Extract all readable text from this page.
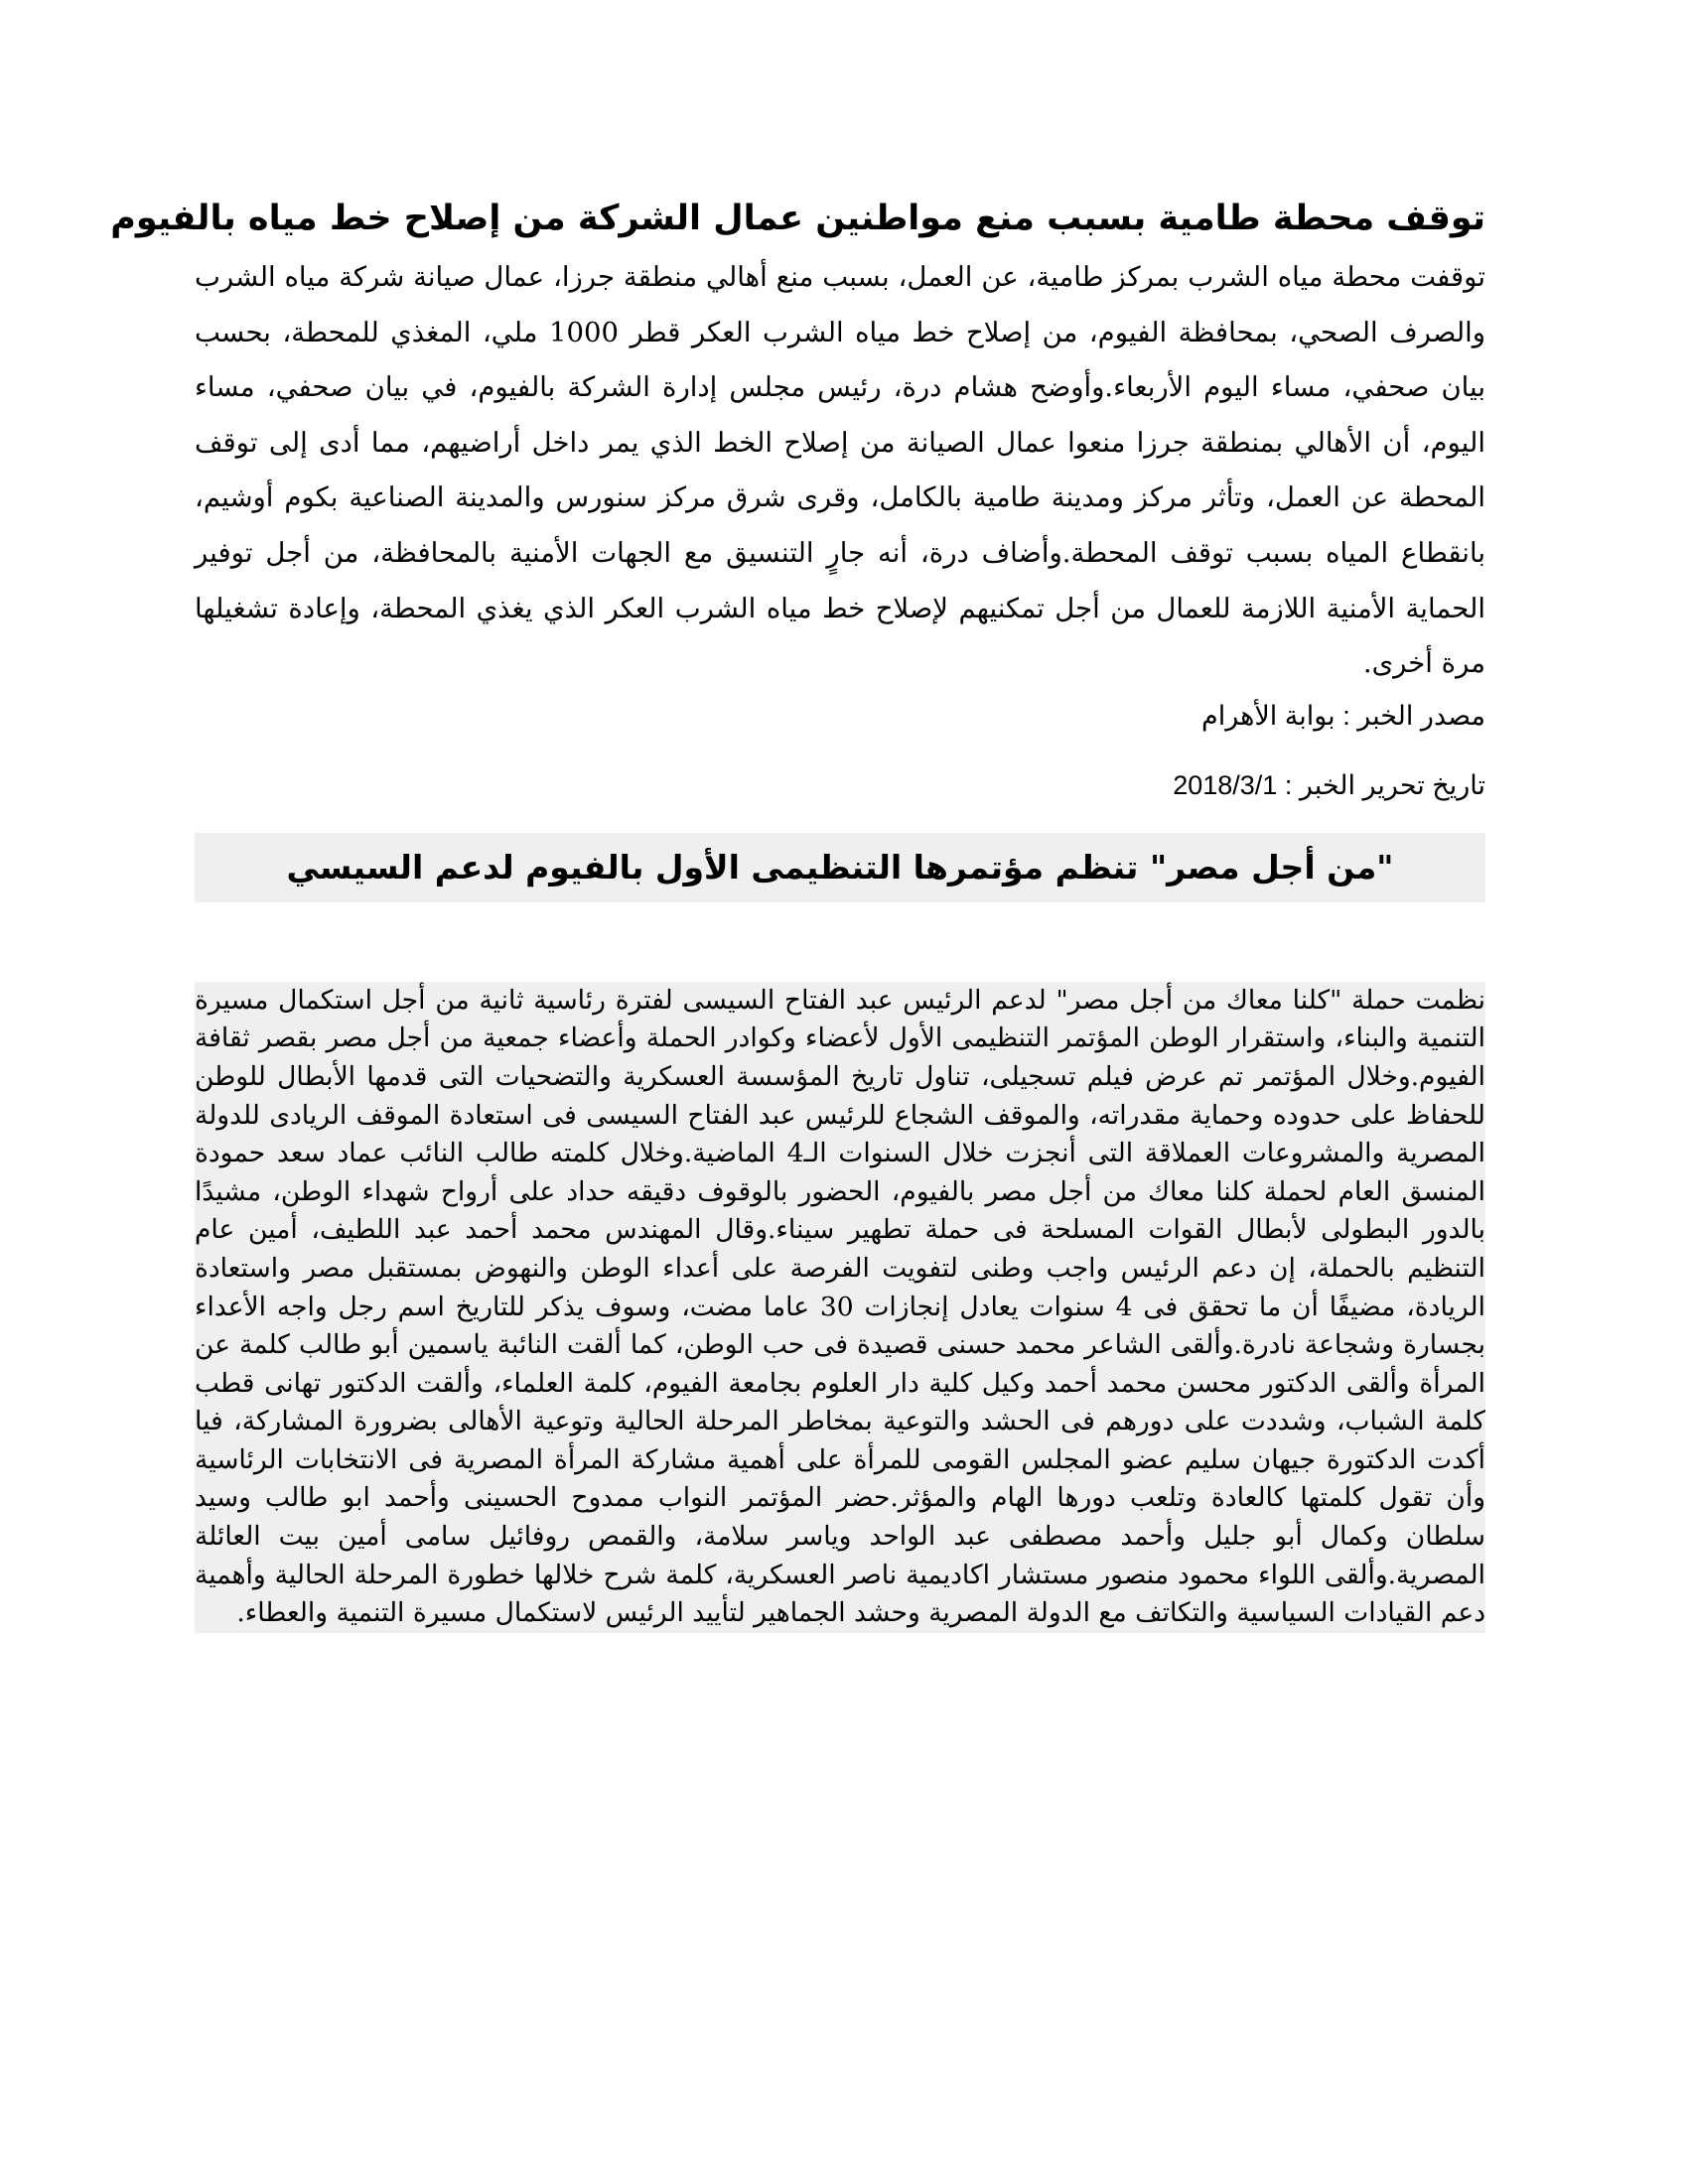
توقف محطة طامية بسبب منع مواطنين عمال الشركة من إصلاح خط مياه بالفيوم

توقفت محطة مياه الشرب بمركز طامية، عن العمل، بسبب منع أهالي منطقة جرزا، عمال صيانة شركة مياه الشرب والصرف الصحي، بمحافظة الفيوم، من إصلاح خط مياه الشرب العكر قطر 1000 ملي، المغذي للمحطة، بحسب بيان صحفي، مساء اليوم الأربعاء.وأوضح هشام درة، رئيس مجلس إدارة الشركة بالفيوم، في بيان صحفي، مساء اليوم، أن الأهالي بمنطقة جرزا منعوا عمال الصيانة من إصلاح الخط الذي يمر داخل أراضيهم، مما أدى إلى توقف المحطة عن العمل، وتأثر مركز ومدينة طامية بالكامل، وقرى شرق مركز سنورس والمدينة الصناعية بكوم أوشيم، بانقطاع المياه بسبب توقف المحطة.وأضاف درة، أنه جارٍ التنسيق مع الجهات الأمنية بالمحافظة، من أجل توفير الحماية الأمنية اللازمة للعمال من أجل تمكنيهم لإصلاح خط مياه الشرب العكر الذي يغذي المحطة، وإعادة تشغيلها مرة أخرى.

مصدر الخبر : بوابة الأهرام

تاريخ تحرير الخبر : 2018/3/1

"من أجل مصر" تنظم مؤتمرها التنظيمى الأول بالفيوم لدعم السيسي

نظمت حملة "كلنا معاك من أجل مصر" لدعم الرئيس عبد الفتاح السيسى لفترة رئاسية ثانية من أجل استكمال مسيرة التنمية والبناء، واستقرار الوطن المؤتمر التنظيمى الأول لأعضاء وكوادر الحملة وأعضاء جمعية من أجل مصر بقصر ثقافة الفيوم.وخلال المؤتمر تم عرض فيلم تسجيلى، تناول تاريخ المؤسسة العسكرية والتضحيات التى قدمها الأبطال للوطن للحفاظ على حدوده وحماية مقدراته، والموقف الشجاع للرئيس عبد الفتاح السيسى فى استعادة الموقف الريادى للدولة المصرية والمشروعات العملاقة التى أنجزت خلال السنوات الـ4 الماضية.وخلال كلمته طالب النائب عماد سعد حمودة المنسق العام لحملة كلنا معاك من أجل مصر بالفيوم، الحضور بالوقوف دقيقه حداد على أرواح شهداء الوطن، مشيدًا بالدور البطولى لأبطال القوات المسلحة فى حملة تطهير سيناء.وقال المهندس محمد أحمد عبد اللطيف، أمين عام التنظيم بالحملة، إن دعم الرئيس واجب وطنى لتفويت الفرصة على أعداء الوطن والنهوض بمستقبل مصر واستعادة الريادة، مضيفًا أن ما تحقق فى 4 سنوات يعادل إنجازات 30 عاما مضت، وسوف يذكر للتاريخ اسم رجل واجه الأعداء بجسارة وشجاعة نادرة.وألقى الشاعر محمد حسنى قصيدة فى حب الوطن، كما ألقت النائبة ياسمين أبو طالب كلمة عن المرأة وألقى الدكتور محسن محمد أحمد وكيل كلية دار العلوم بجامعة الفيوم، كلمة العلماء، وألقت الدكتور تهانى قطب كلمة الشباب، وشددت على دورهم فى الحشد والتوعية بمخاطر المرحلة الحالية وتوعية الأهالى بضرورة المشاركة، فيا أكدت الدكتورة جيهان سليم عضو المجلس القومى للمرأة على أهمية مشاركة المرأة المصرية فى الانتخابات الرئاسية وأن تقول كلمتها كالعادة وتلعب دورها الهام والمؤثر.حضر المؤتمر النواب ممدوح الحسينى وأحمد ابو طالب وسيد سلطان وكمال أبو جليل وأحمد مصطفى عبد الواحد وياسر سلامة، والقمص روفائيل سامى أمين بيت العائلة المصرية.وألقى اللواء محمود منصور مستشار اكاديمية ناصر العسكرية، كلمة شرح خلالها خطورة المرحلة الحالية وأهمية دعم القيادات السياسية والتكاتف مع الدولة المصرية وحشد الجماهير لتأييد الرئيس لاستكمال مسيرة التنمية والعطاء.
